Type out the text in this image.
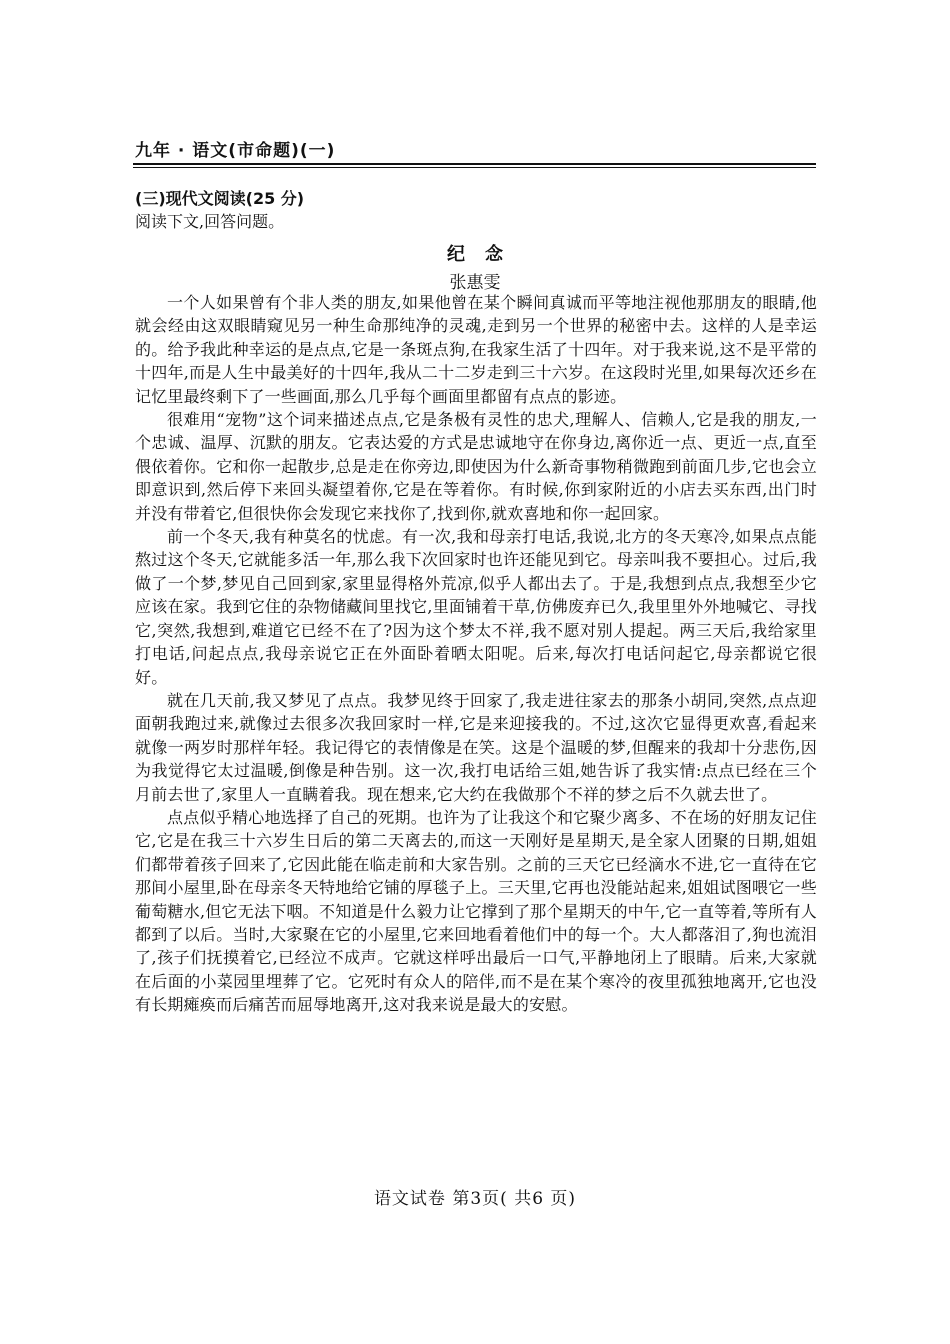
九年 · 语文(市命题)(一)
(三)现代文阅读(25 分)
阅读下文,回答问题。
纪念
张惠雯

一个人如果曾有个非人类的朋友,如果他曾在某个瞬间真诚而平等地注视他那朋友的眼睛,他就会经由这双眼睛窥见另一种生命那纯净的灵魂,走到另一个世界的秘密中去。这样的人是幸运的。给予我此种幸运的是点点,它是一条斑点狗,在我家生活了十四年。对于我来说,这不是平常的十四年,而是人生中最美好的十四年,我从二十二岁走到三十六岁。在这段时光里,如果每次还乡在记忆里最终剩下了一些画面,那么几乎每个画面里都留有点点的影迹。

很难用“宠物”这个词来描述点点,它是条极有灵性的忠犬,理解人、信赖人,它是我的朋友,一个忠诚、温厚、沉默的朋友。它表达爱的方式是忠诚地守在你身边,离你近一点、更近一点,直至偎依着你。它和你一起散步,总是走在你旁边,即使因为什么新奇事物稍微跑到前面几步,它也会立即意识到,然后停下来回头凝望着你,它是在等着你。有时候,你到家附近的小店去买东西,出门时并没有带着它,但很快你会发现它来找你了,找到你,就欢喜地和你一起回家。

前一个冬天,我有种莫名的忧虑。有一次,我和母亲打电话,我说,北方的冬天寒冷,如果点点能熬过这个冬天,它就能多活一年,那么我下次回家时也许还能见到它。母亲叫我不要担心。过后,我做了一个梦,梦见自己回到家,家里显得格外荒凉,似乎人都出去了。于是,我想到点点,我想至少它应该在家。我到它住的杂物储藏间里找它,里面铺着干草,仿佛废弃已久,我里里外外地喊它、寻找它,突然,我想到,难道它已经不在了?因为这个梦太不祥,我不愿对别人提起。两三天后,我给家里打电话,问起点点,我母亲说它正在外面卧着晒太阳呢。后来,每次打电话问起它,母亲都说它很好。

就在几天前,我又梦见了点点。我梦见终于回家了,我走进往家去的那条小胡同,突然,点点迎面朝我跑过来,就像过去很多次我回家时一样,它是来迎接我的。不过,这次它显得更欢喜,看起来就像一两岁时那样年轻。我记得它的表情像是在笑。这是个温暖的梦,但醒来的我却十分悲伤,因为我觉得它太过温暖,倒像是种告别。这一次,我打电话给三姐,她告诉了我实情:点点已经在三个月前去世了,家里人一直瞒着我。现在想来,它大约在我做那个不祥的梦之后不久就去世了。

点点似乎精心地选择了自己的死期。也许为了让我这个和它聚少离多、不在场的好朋友记住它,它是在我三十六岁生日后的第二天离去的,而这一天刚好是星期天,是全家人团聚的日期,姐姐们都带着孩子回来了,它因此能在临走前和大家告别。之前的三天它已经滴水不进,它一直待在它那间小屋里,卧在母亲冬天特地给它铺的厚毯子上。三天里,它再也没能站起来,姐姐试图喂它一些葡萄糖水,但它无法下咽。不知道是什么毅力让它撑到了那个星期天的中午,它一直等着,等所有人都到了以后。当时,大家聚在它的小屋里,它来回地看着他们中的每一个。大人都落泪了,狗也流泪了,孩子们抚摸着它,已经泣不成声。它就这样呼出最后一口气,平静地闭上了眼睛。后来,大家就在后面的小菜园里埋葬了它。它死时有众人的陪伴,而不是在某个寒冷的夜里孤独地离开,它也没有长期瘫痪而后痛苦而屈辱地离开,这对我来说是最大的安慰。

语文试卷 第3页( 共6 页)
